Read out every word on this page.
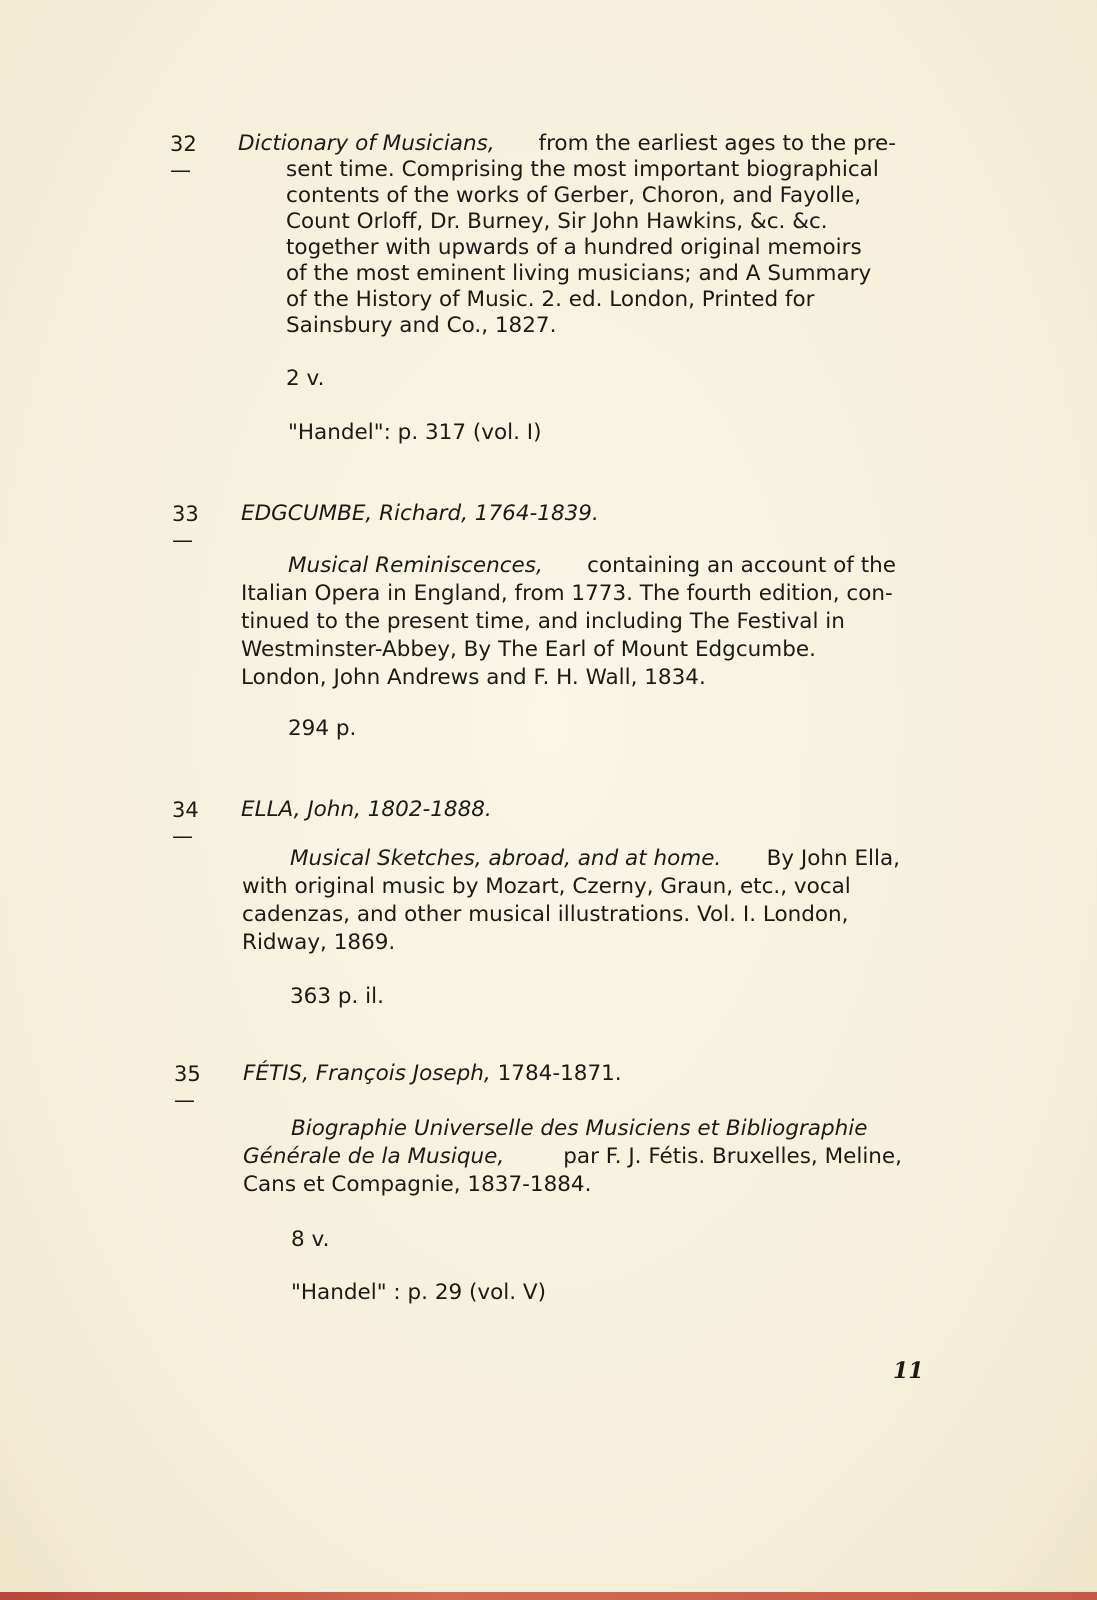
32 —
Dictionary of Musicians, from the earliest ages to the pre-
sent time. Comprising the most important biographical
contents of the works of Gerber, Choron, and Fayolle,
Count Orloff, Dr. Burney, Sir John Hawkins, &c. &c.
together with upwards of a hundred original memoirs
of the most eminent living musicians; and A Summary
of the History of Music. 2. ed. London, Printed for
Sainsbury and Co., 1827.
2 v.
"Handel": p. 317 (vol. I)
33 —
EDGCUMBE, Richard, 1764-1839.
Musical Reminiscences, containing an account of the
Italian Opera in England, from 1773. The fourth edition, con-
tinued to the present time, and including The Festival in
Westminster-Abbey, By The Earl of Mount Edgcumbe.
London, John Andrews and F. H. Wall, 1834.
294 p.
34 —
ELLA, John, 1802-1888.
Musical Sketches, abroad, and at home. By John Ella,
with original music by Mozart, Czerny, Graun, etc., vocal
cadenzas, and other musical illustrations. Vol. I. London,
Ridway, 1869.
363 p. il.
35 —
FÉTIS, François Joseph, 1784-1871.
Biographie Universelle des Musiciens et Bibliographie
Générale de la Musique,	par F. J. Fétis. Bruxelles, Meline,
Cans et Compagnie, 1837-1884.
8 v.
"Handel" : p. 29 (vol. V)
11
